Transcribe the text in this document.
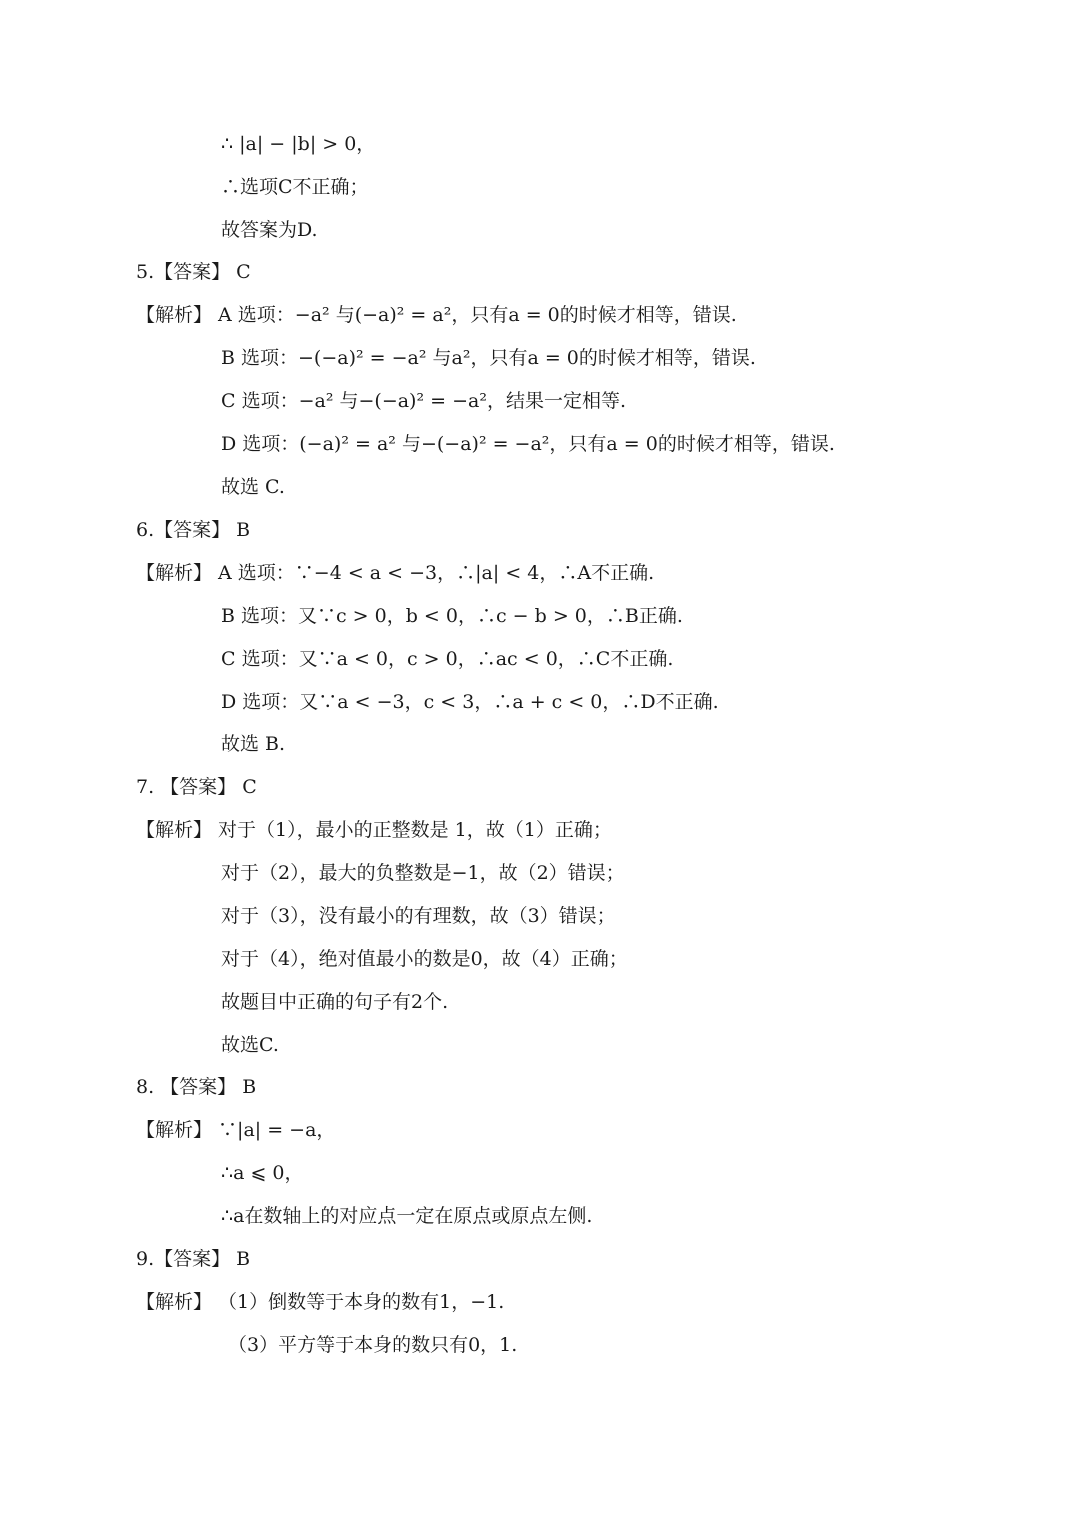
∴ |a| − |b| > 0，
∴选项C不正确；
故答案为D.
5.【答案】 C
【解析】 A 选项：−a² 与(−a)² = a²，只有a = 0的时候才相等，错误.
B 选项：−(−a)² = −a² 与a²，只有a = 0的时候才相等，错误.
C 选项：−a² 与−(−a)² = −a²，结果一定相等.
D 选项：(−a)² = a² 与−(−a)² = −a²，只有a = 0的时候才相等，错误.
故选 C.
6.【答案】 B
【解析】 A 选项：∵−4 < a < −3，∴|a| < 4，∴A不正确.
B 选项：又∵c > 0，b < 0，∴c − b > 0，∴B正确.
C 选项：又∵a < 0，c > 0，∴ac < 0，∴C不正确.
D 选项：又∵a < −3，c < 3，∴a + c < 0，∴D不正确.
故选 B.
7. 【答案】 C
【解析】 对于（1），最小的正整数是 1，故（1）正确；
对于（2），最大的负整数是−1，故（2）错误；
对于（3），没有最小的有理数，故（3）错误；
对于（4），绝对值最小的数是0，故（4）正确；
故题目中正确的句子有2个.
故选C.
8. 【答案】 B
【解析】 ∵|a| = −a，
∴a ⩽ 0，
∴a在数轴上的对应点一定在原点或原点左侧.
9.【答案】 B
【解析】 （1）倒数等于本身的数有1，−1.
（3）平方等于本身的数只有0，1.
